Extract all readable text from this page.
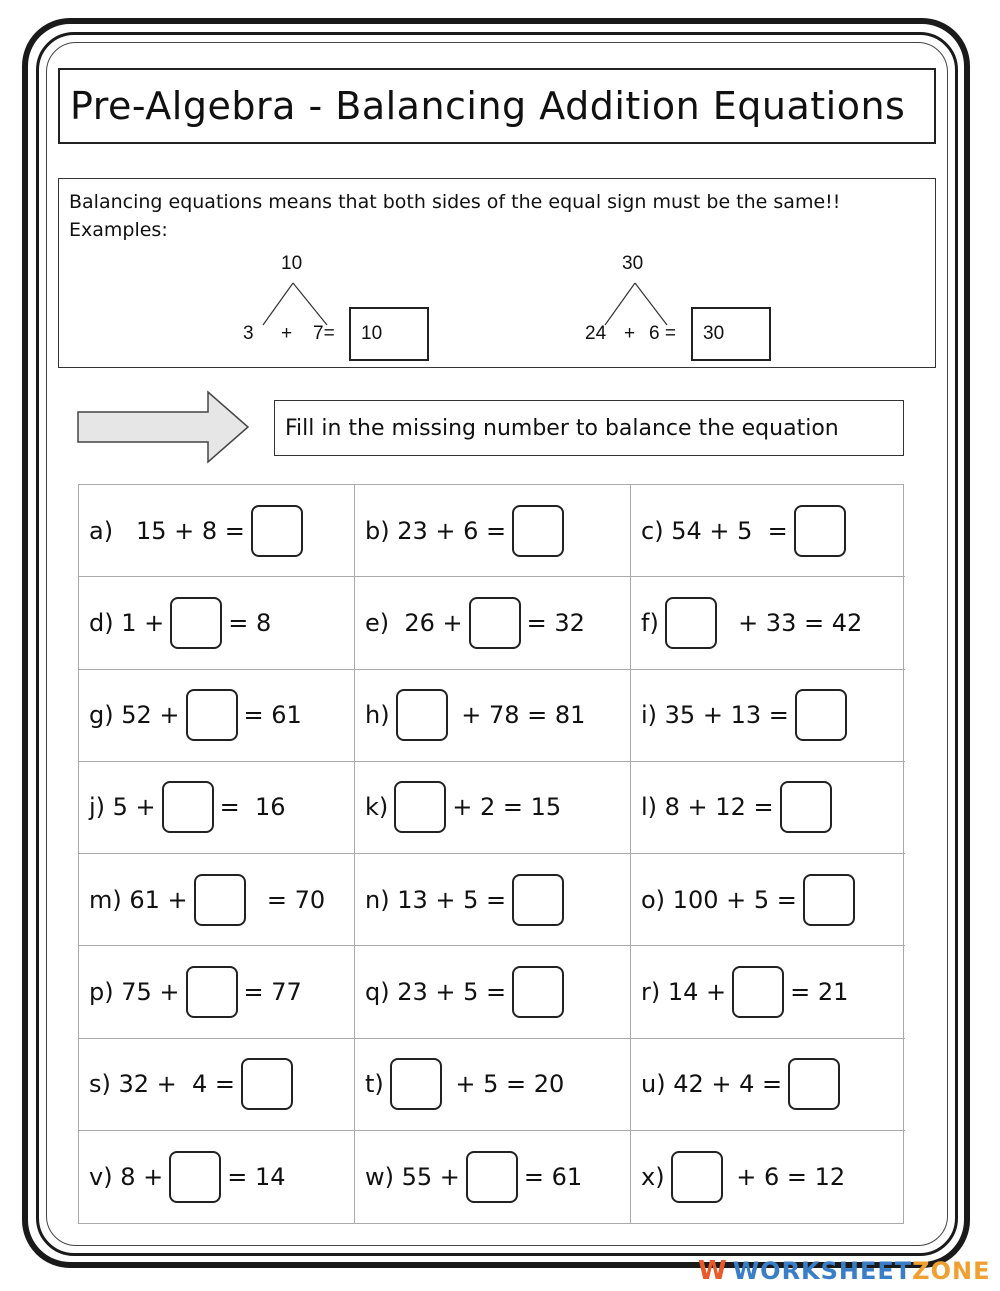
Pre-Algebra - Balancing Addition Equations
Balancing equations means that both sides of the equal sign must be the same!!
Examples:
10
3 + 7=	10
30
24 + 6 =	30
Fill in the missing number to balance the equation
a)   15 + 8 =	b) 23 + 6 =	c) 54 + 5  =
d) 1 +	= 8	e)  26 +	= 32 f)	+ 33 = 42
g) 52 +	= 61	h)	+ 78 = 81 i) 35 + 13 =
j) 5 +	=  16	k)	+ 2 = 15	l) 8 + 12 =
m) 61 +	= 70 n) 13 + 5 =	o) 100 + 5 =
p) 75 +	= 77	q) 23 + 5 =	r) 14 +	= 21
s) 32 +  4 =	t)	+ 5 = 20	u) 42 + 4 =
v) 8 +	= 14	w) 55 +	= 61 x)	+ 6 = 12
W WORKSHEET ZONE
